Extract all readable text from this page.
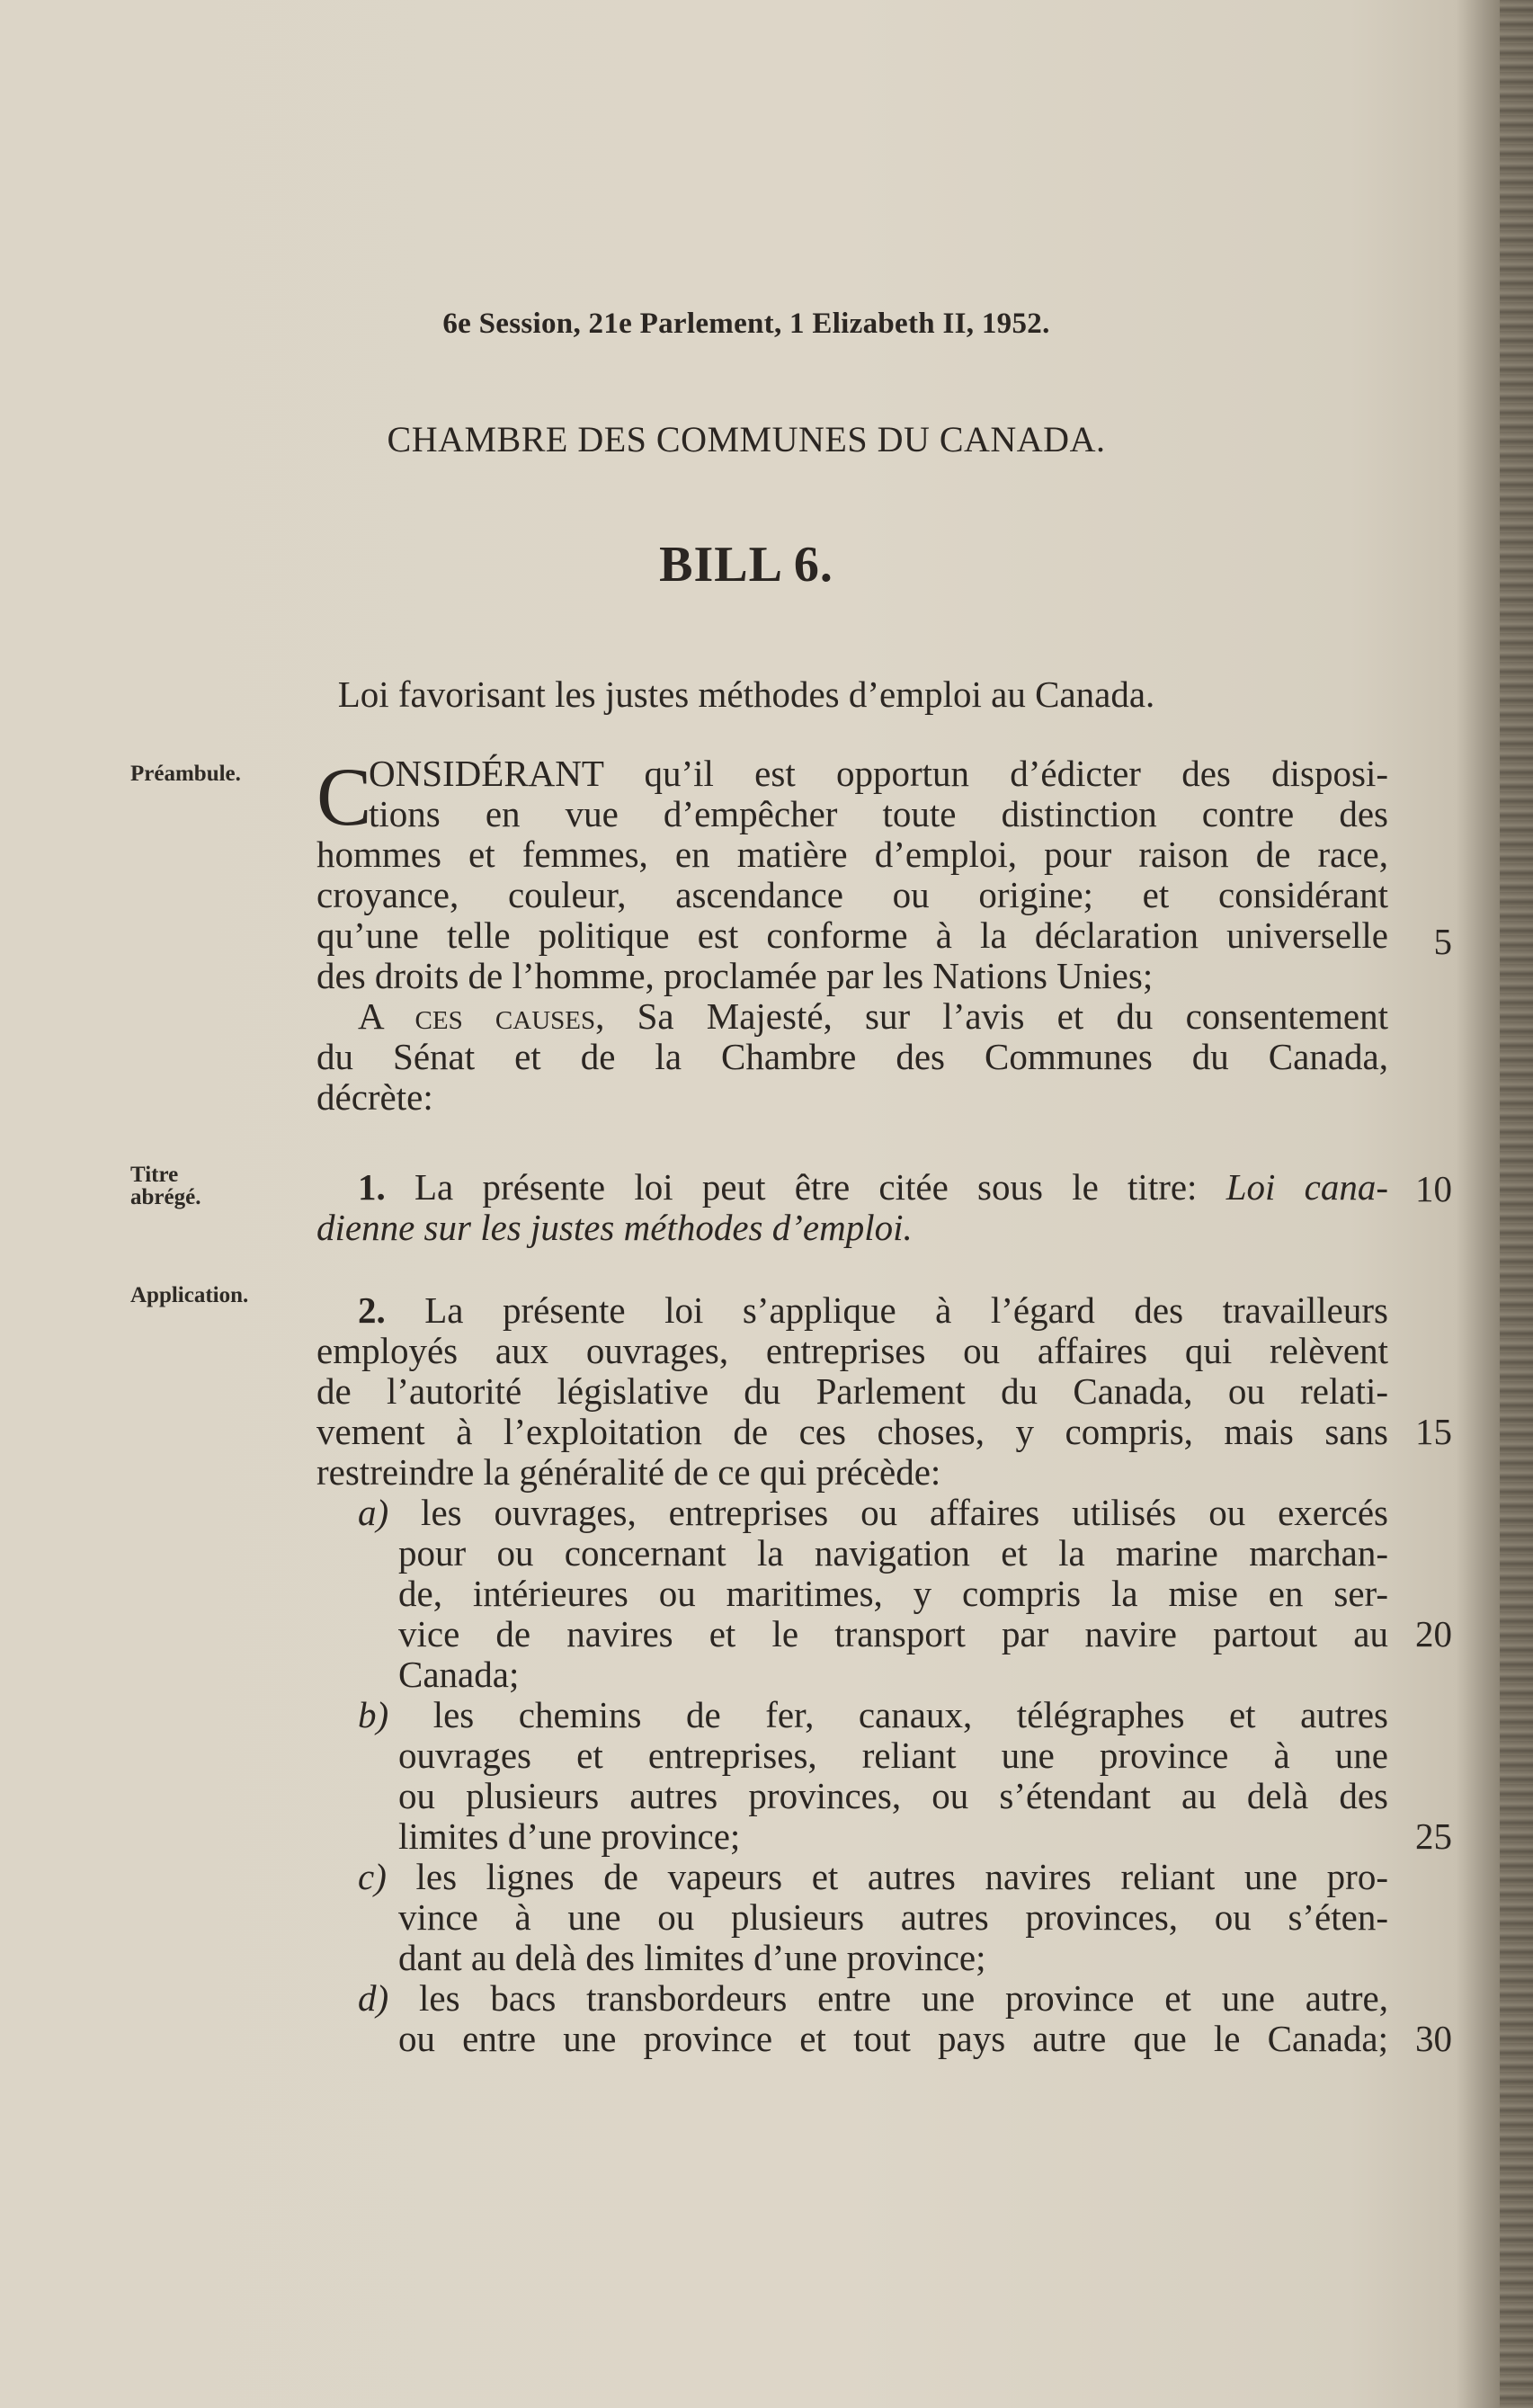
6e Session, 21e Parlement, 1 Elizabeth II, 1952.
CHAMBRE DES COMMUNES DU CANADA.
BILL 6.
Loi favorisant les justes méthodes d’emploi au Canada.
Préambule.
Titre
abrégé.
Application.
C
ONSIDÉRANT qu’il est opportun d’édicter des disposi-
tions en vue d’empêcher toute distinction contre des
hommes et femmes, en matière d’emploi, pour raison de race,
croyance, couleur, ascendance ou origine; et considérant
qu’une telle politique est conforme à la déclaration universelle
des droits de l’homme, proclamée par les Nations Unies;
A ces causes, Sa Majesté, sur l’avis et du consentement
du Sénat et de la Chambre des Communes du Canada,
décrète:
1. La présente loi peut être citée sous le titre: Loi cana-
dienne sur les justes méthodes d’emploi.
2. La présente loi s’applique à l’égard des travailleurs
employés aux ouvrages, entreprises ou affaires qui relèvent
de l’autorité législative du Parlement du Canada, ou relati-
vement à l’exploitation de ces choses, y compris, mais sans
restreindre la généralité de ce qui précède:
a) les ouvrages, entreprises ou affaires utilisés ou exercés
pour ou concernant la navigation et la marine marchan-
de, intérieures ou maritimes, y compris la mise en ser-
vice de navires et le transport par navire partout au
Canada;
b) les chemins de fer, canaux, télégraphes et autres
ouvrages et entreprises, reliant une province à une
ou plusieurs autres provinces, ou s’étendant au delà des
limites d’une province;
c) les lignes de vapeurs et autres navires reliant une pro-
vince à une ou plusieurs autres provinces, ou s’éten-
dant au delà des limites d’une province;
d) les bacs transbordeurs entre une province et une autre,
ou entre une province et tout pays autre que le Canada;
5
10
15
20
25
30
